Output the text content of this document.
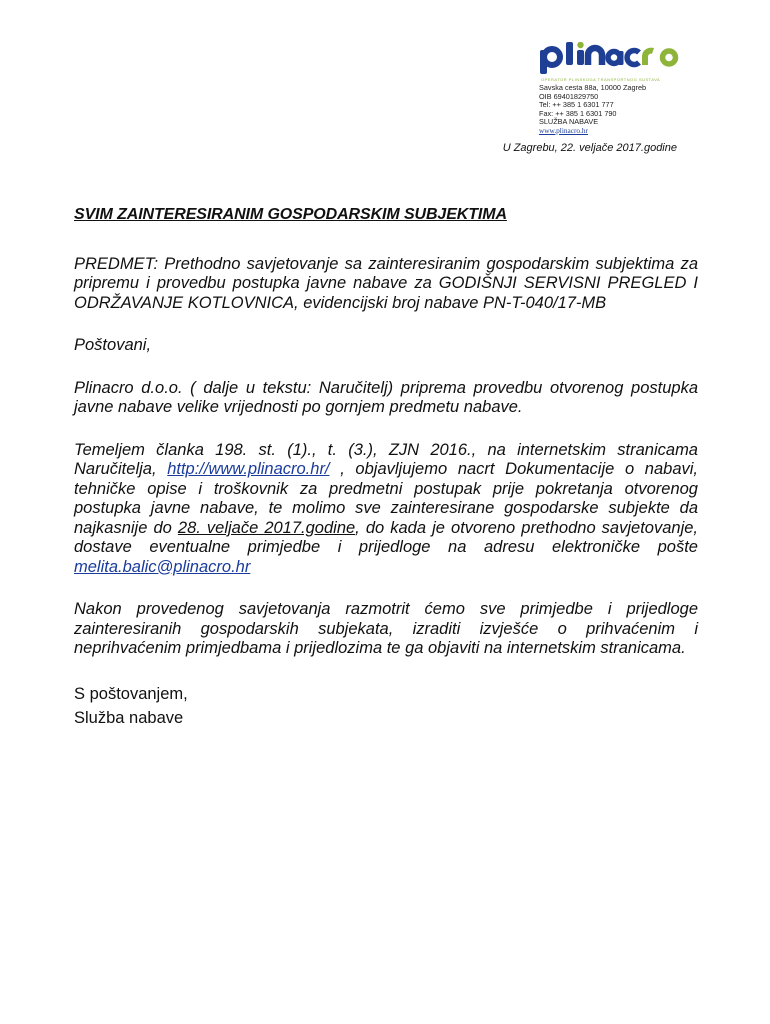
OPERATOR PLINSKOGA TRANSPORTNOG SUSTAVA
Savska cesta 88a, 10000 Zagreb
OIB 69401829750
Tel: ++ 385 1 6301 777
Fax: ++ 385 1 6301 790
SLUŽBA NABAVE
www.plinacro.hr
U Zagrebu, 22. veljače 2017.godine

SVIM ZAINTERESIRANIM GOSPODARSKIM SUBJEKTIMA

PREDMET: Prethodno savjetovanje sa zainteresiranim gospodarskim subjektima za pripremu i provedbu postupka javne nabave za GODIŠNJI SERVISNI PREGLED I ODRŽAVANJE KOTLOVNICA, evidencijski broj nabave PN-T-040/17-MB

Poštovani,

Plinacro d.o.o. ( dalje u tekstu: Naručitelj) priprema provedbu otvorenog postupka javne nabave velike vrijednosti po gornjem predmetu nabave.

Temeljem članka 198. st. (1)., t. (3.), ZJN 2016., na internetskim stranicama Naručitelja, http://www.plinacro.hr/ , objavljujemo nacrt Dokumentacije o nabavi, tehničke opise i troškovnik za predmetni postupak prije pokretanja otvorenog postupka javne nabave, te molimo sve zainteresirane gospodarske subjekte da najkasnije do 28. veljače 2017.godine, do kada je otvoreno prethodno savjetovanje, dostave eventualne primjedbe i prijedloge na adresu elektroničke pošte melita.balic@plinacro.hr

Nakon provedenog savjetovanja razmotrit ćemo sve primjedbe i prijedloge zainteresiranih gospodarskih subjekata, izraditi izvješće o prihvaćenim i neprihvaćenim primjedbama i prijedlozima te ga objaviti na internetskim stranicama.

S poštovanjem,
Služba nabave
